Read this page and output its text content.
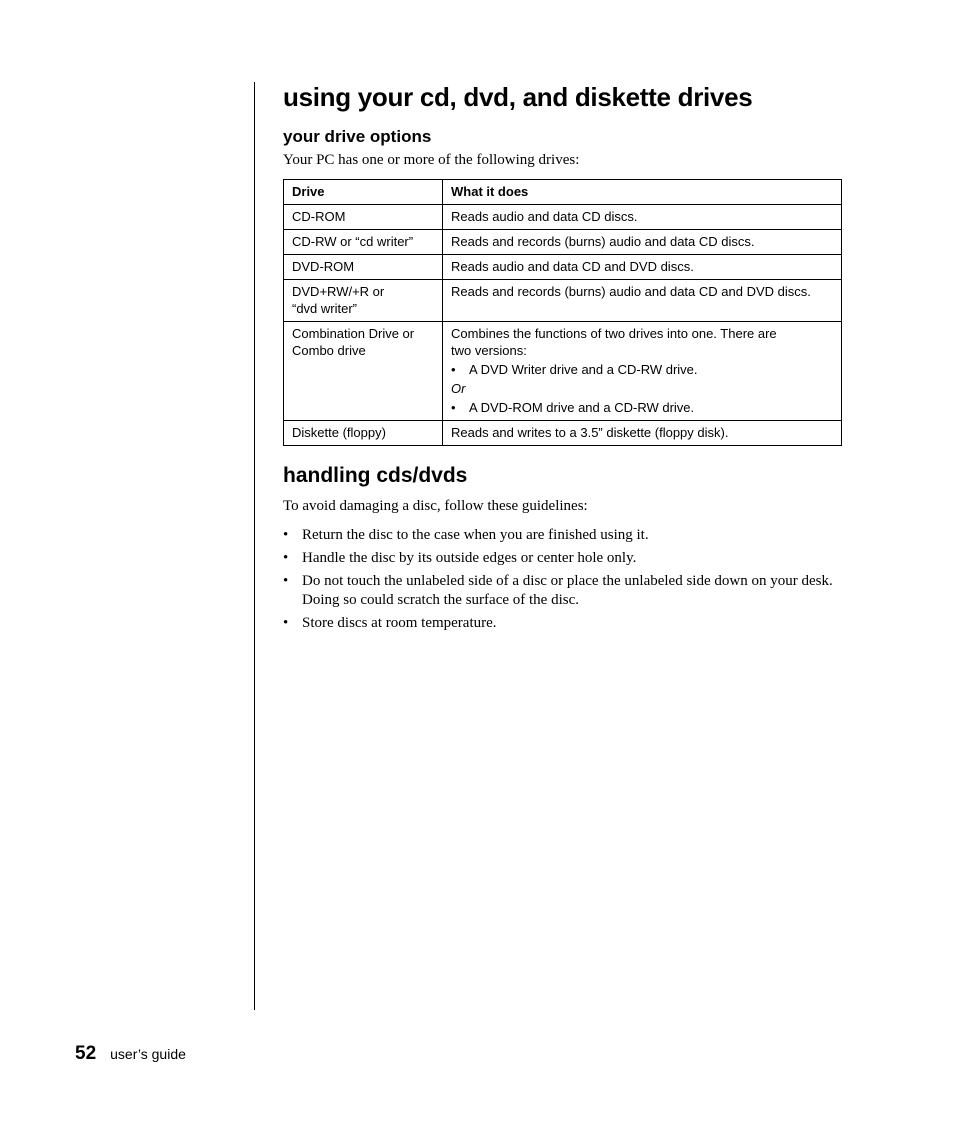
using your cd, dvd, and diskette drives
your drive options

Your PC has one or more of the following drives:

Drive	What it does
CD-ROM	Reads audio and data CD discs.
CD-RW or “cd writer”	Reads and records (burns) audio and data CD discs.
DVD-ROM	Reads audio and data CD and DVD discs.

DVD+RW/+R or
“dvd writer”	Reads and records (burns) audio and data CD and DVD discs.

Combination Drive or
Combo drive	Combines the functions of two drives into one. There are
two versions:
• A DVD Writer drive and a CD-RW drive.
Or
• A DVD-ROM drive and a CD-RW drive.

Diskette (floppy)	Reads and writes to a 3.5” diskette (floppy disk).
handling cds/dvds

To avoid damaging a disc, follow these guidelines:

• Return the disc to the case when you are finished using it.
• Handle the disc by its outside edges or center hole only.
• Do not touch the unlabeled side of a disc or place the unlabeled side down on your desk. Doing so could scratch the surface of the disc.
• Store discs at room temperature.
52 user’s guide
